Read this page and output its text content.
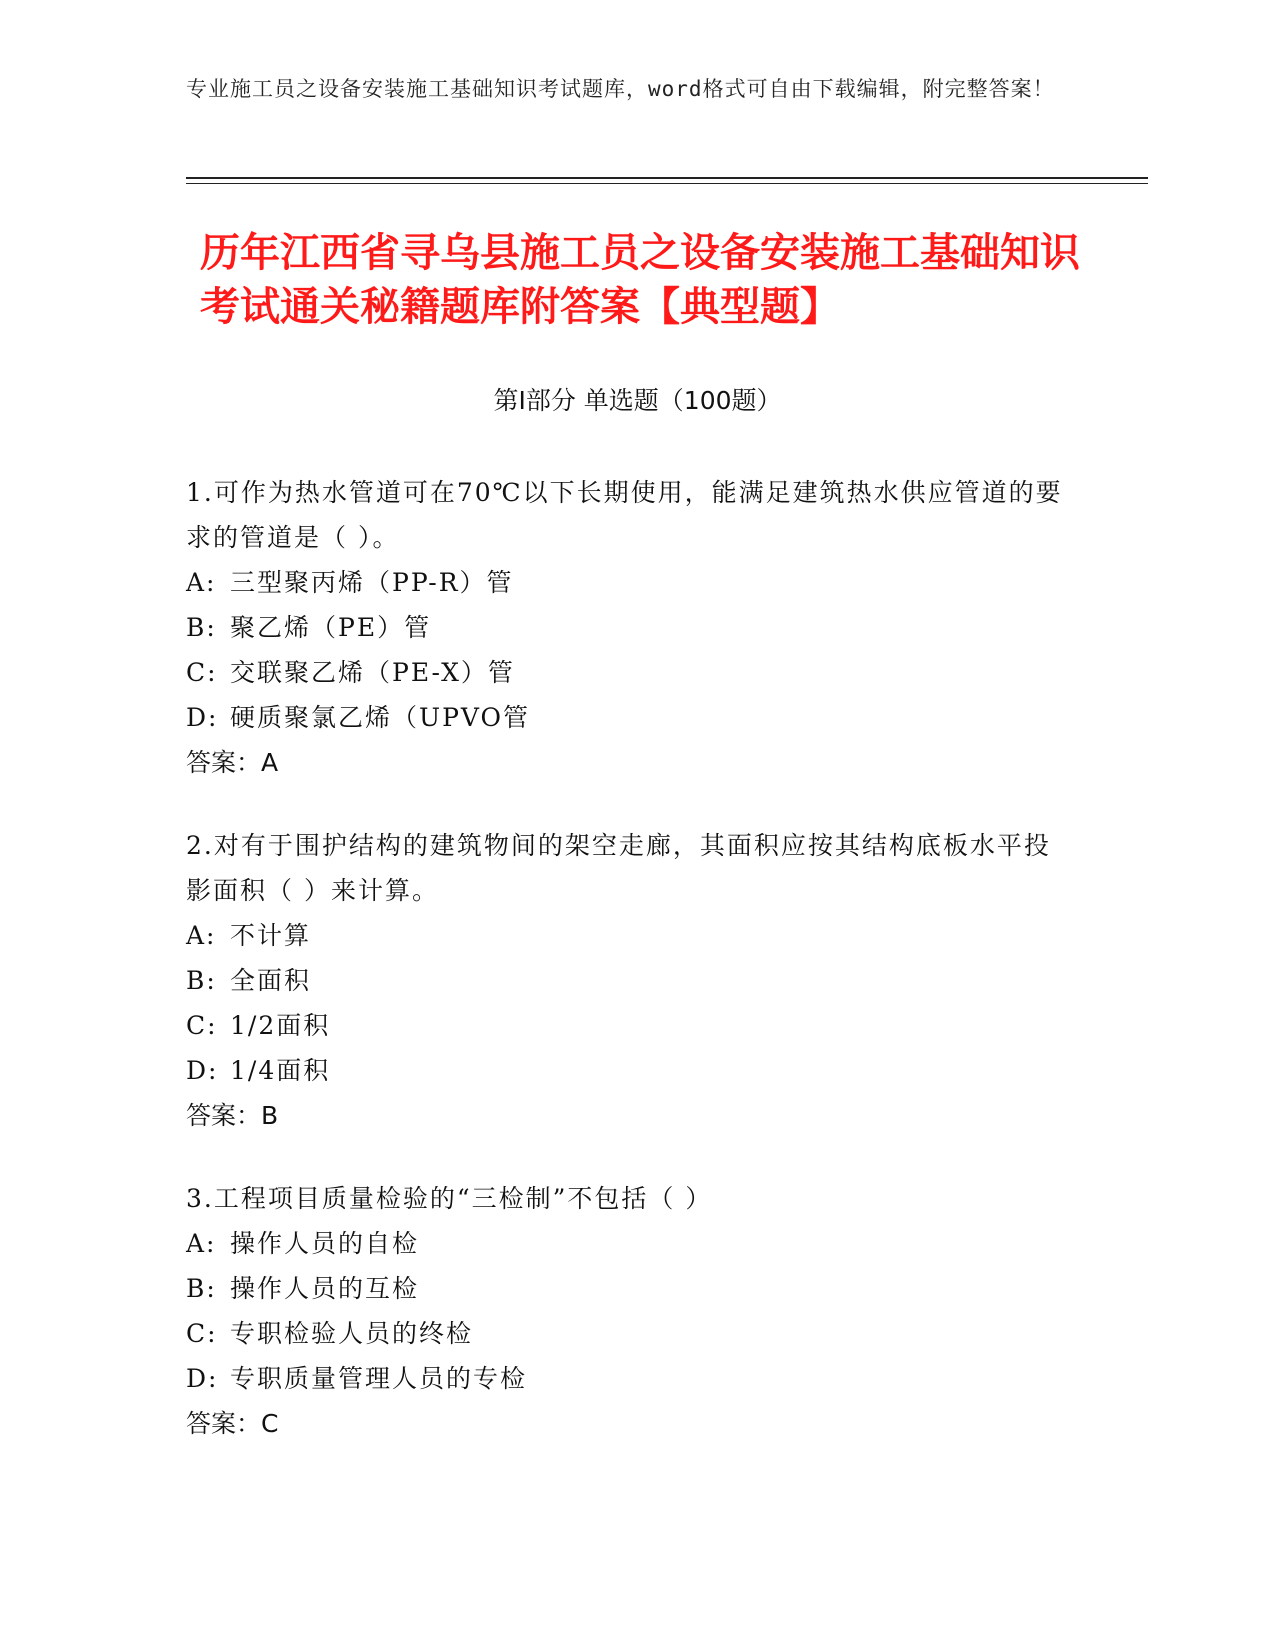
专业施工员之设备安装施工基础知识考试题库，word格式可自由下载编辑，附完整答案！
历年江西省寻乌县施工员之设备安装施工基础知识考试通关秘籍题库附答案【典型题】
第Ⅰ部分 单选题（100题）
1.可作为热水管道可在70℃以下长期使用，能满足建筑热水供应管道的要求的管道是（ ）。
A: 三型聚丙烯（PP-R）管
B: 聚乙烯（PE）管
C: 交联聚乙烯（PE-X）管
D: 硬质聚氯乙烯（UPVO管
答案：A
2.对有于围护结构的建筑物间的架空走廊，其面积应按其结构底板水平投影面积（ ）来计算。
A: 不计算
B: 全面积
C: 1/2面积
D: 1/4面积
答案：B
3.工程项目质量检验的“三检制”不包括（ ）
A: 操作人员的自检
B: 操作人员的互检
C: 专职检验人员的终检
D: 专职质量管理人员的专检
答案：C
